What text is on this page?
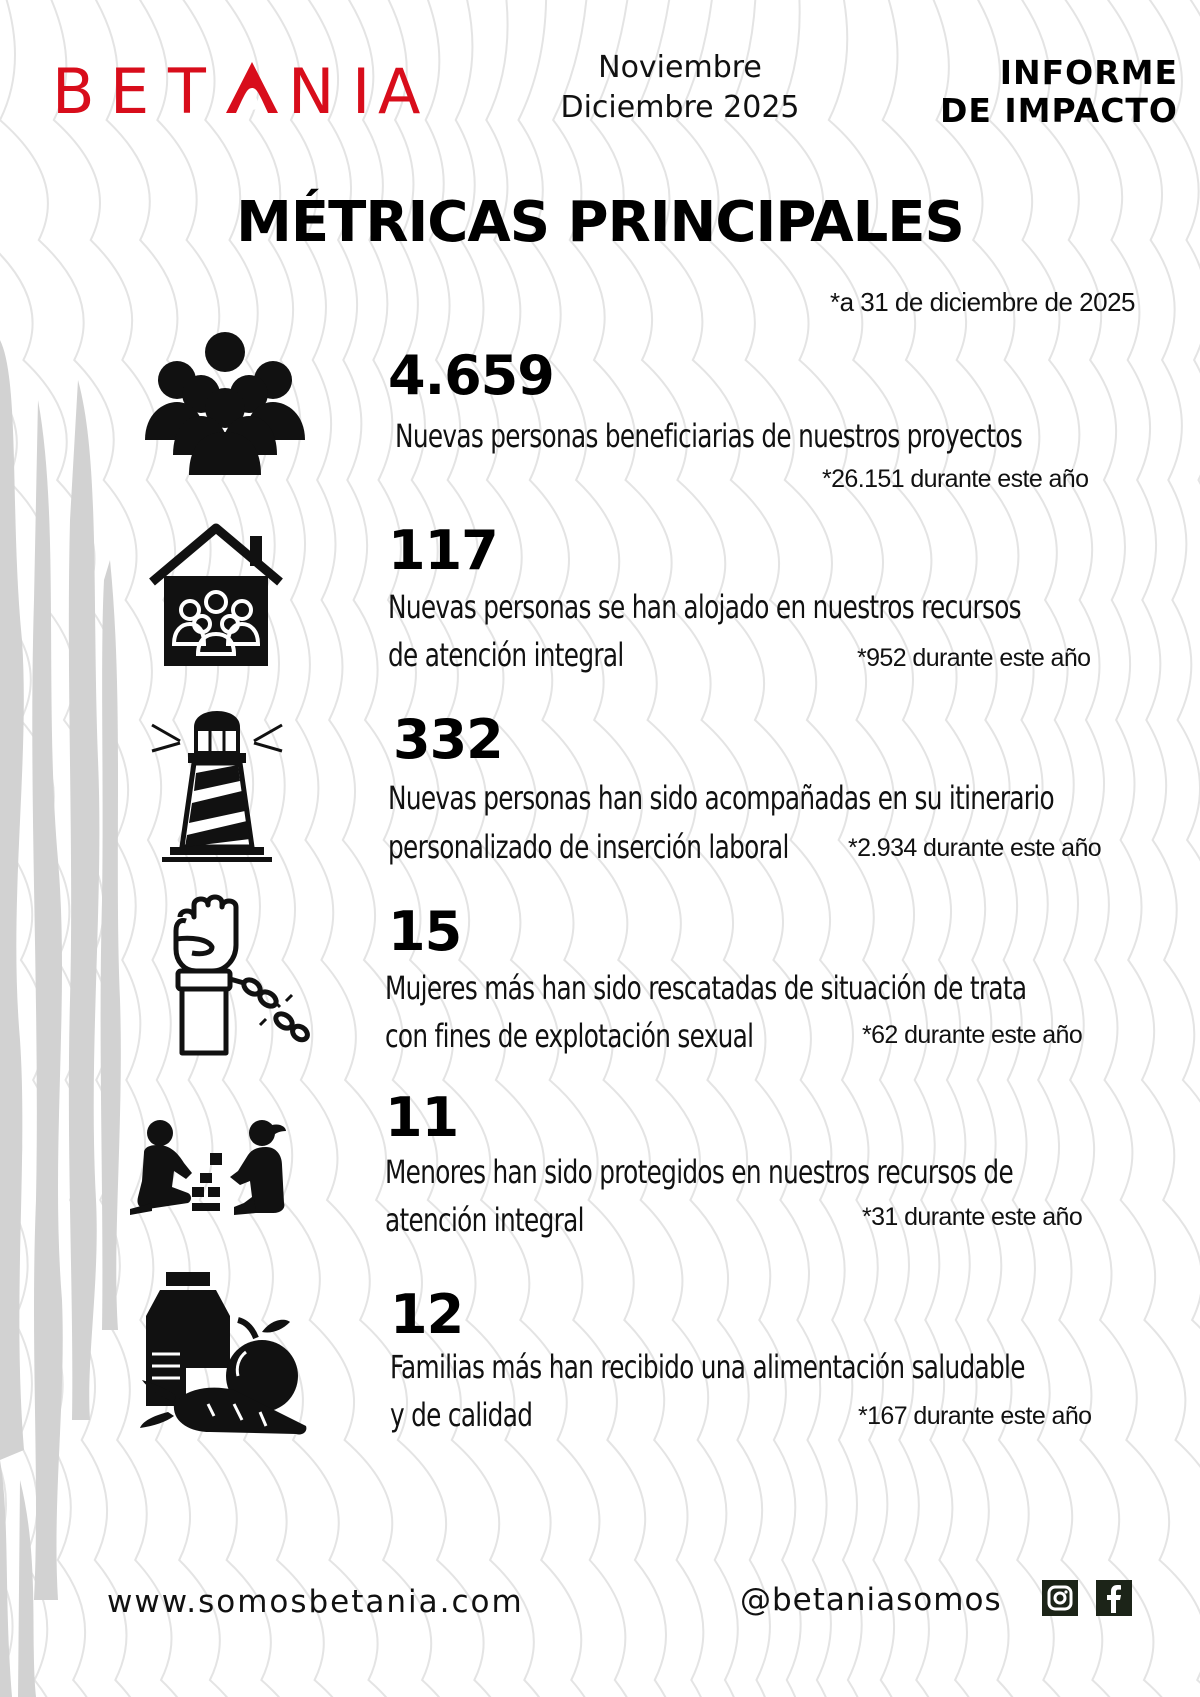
B
E T N I
A	Noviembre
Diciembre 2025
INFORME
DE IMPACTO
MÉTRICAS PRINCIPALES
*a 31 de diciembre de 2025
4.659
Nuevas personas beneficiarias de nuestros proyectos
*26.151 durante este año
117
Nuevas personas se han alojado en nuestros recursos
de atención integral	*952 durante este año
332
Nuevas personas han sido acompañadas en su itinerario
personalizado de inserción laboral *2.934 durante este año
15
Mujeres más han sido rescatadas de situación de trata
con fines de explotación sexual	*62 durante este año
11
Menores han sido protegidos en nuestros recursos de
atención integral	*31 durante este año
12
Familias más han recibido una alimentación saludable
y de calidad	*167 durante este año
www.somosbetania.com	@betaniasomos
